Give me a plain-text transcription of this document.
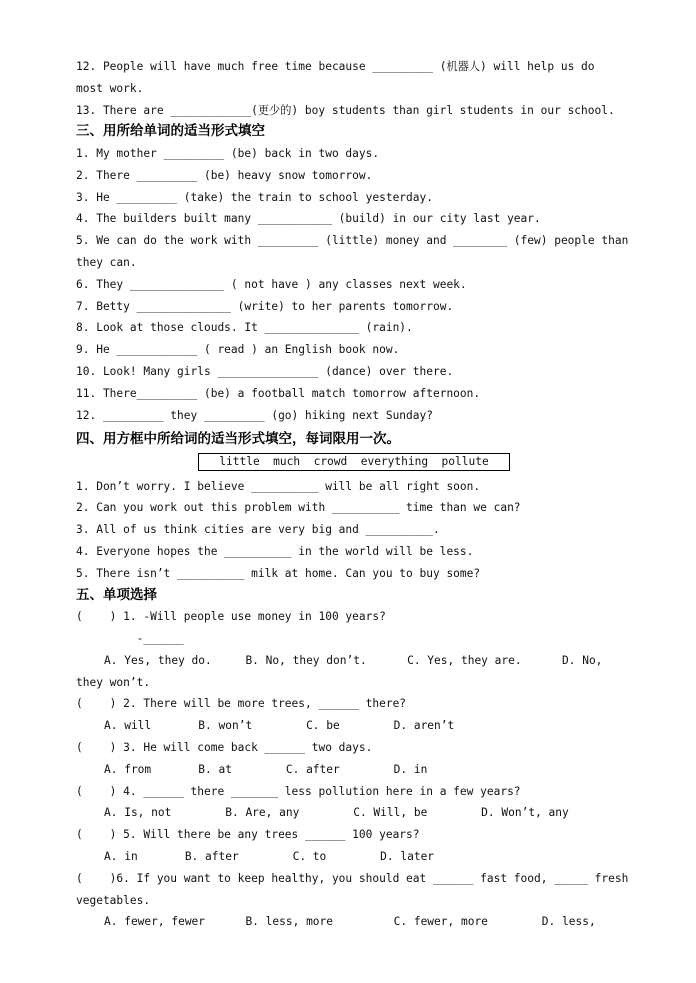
12. People will have much free time because _________ (机器人) will help us do
most work.
13. There are ____________(更少的) boy students than girl students in our school.
三、用所给单词的适当形式填空
1. My mother _________ (be) back in two days.
2. There _________ (be) heavy snow tomorrow.
3. He _________ (take) the train to school yesterday.
4. The builders built many ___________ (build) in our city last year.
5. We can do the work with _________ (little) money and ________ (few) people than
they can.
6. They ______________ ( not have ) any classes next week.
7. Betty ______________ (write) to her parents tomorrow.
8. Look at those clouds. It ______________ (rain).
9. He ____________ ( read ) an English book now.
10. Look! Many girls _______________ (dance) over there.
11. There_________ (be) a football match tomorrow afternoon.
12. _________ they _________ (go) hiking next Sunday?
四、用方框中所给词的适当形式填空，每词限用一次。
little  much  crowd  everything  pollute
1. Don’t worry. I believe __________ will be all right soon.
2. Can you work out this problem with __________ time than we can?
3. All of us think cities are very big and __________.
4. Everyone hopes the __________ in the world will be less.
5. There isn’t __________ milk at home. Can you to buy some?
五、单项选择
(    ) 1. -Will people use money in 100 years?
-______
A. Yes, they do.     B. No, they don’t.      C. Yes, they are.      D. No,
they won’t.
(    ) 2. There will be more trees, ______ there?
A. will       B. won’t        C. be        D. aren’t
(    ) 3. He will come back ______ two days.
A. from       B. at        C. after        D. in
(    ) 4. ______ there _______ less pollution here in a few years?
A. Is, not        B. Are, any        C. Will, be        D. Won’t, any
(    ) 5. Will there be any trees ______ 100 years?
A. in       B. after        C. to        D. later
(    )6. If you want to keep healthy, you should eat ______ fast food, _____ fresh
vegetables.
A. fewer, fewer      B. less, more         C. fewer, more        D. less,
